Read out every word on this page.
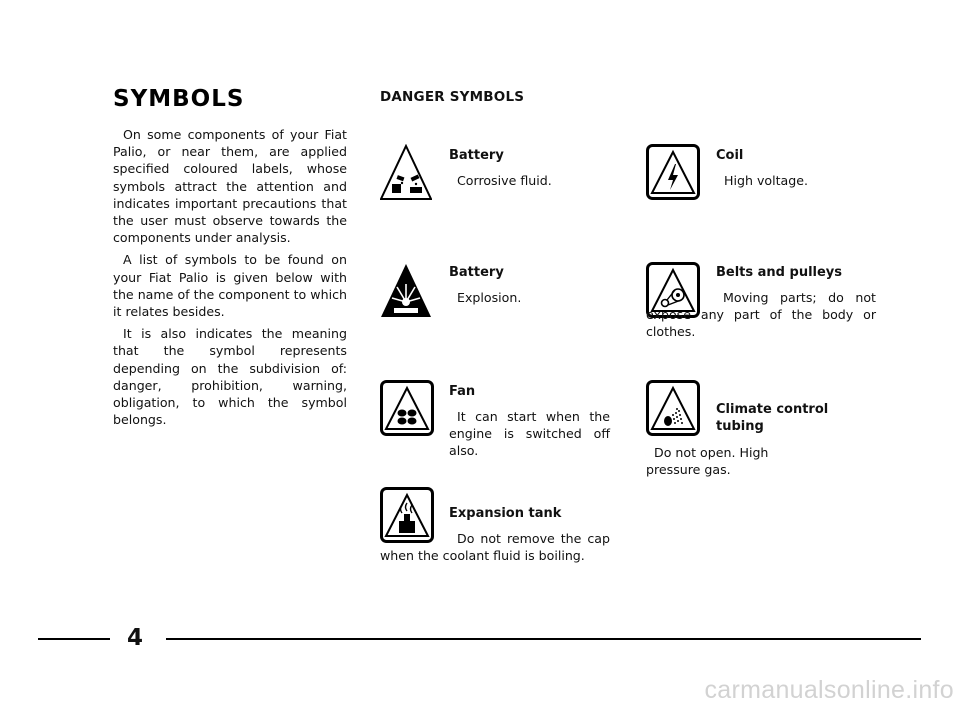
SYMBOLS

On some components of your Fiat Palio, or near them, are applied specified coloured labels, whose symbols attract the attention and indicates important precautions that the user must observe towards the components under analysis.

A list of symbols to be found on your Fiat Palio is given below with the name of the component to which it relates besides.

It is also indicates the meaning that the symbol represents depending on the subdivision of: danger, prohibition, warning, obligation, to which the symbol belongs.

DANGER SYMBOLS

Battery

Corrosive fluid.

Battery

Explosion.

Fan

It can start when the engine is switched off also.

Expansion tank

Do not remove the cap when the coolant fluid is boiling.

Coil

High voltage.

Belts and pulleys

Moving parts; do not expose any part of the body or clothes.

Climate control tubing

Do not open. High pressure gas.

4

carmanualsonline.info
